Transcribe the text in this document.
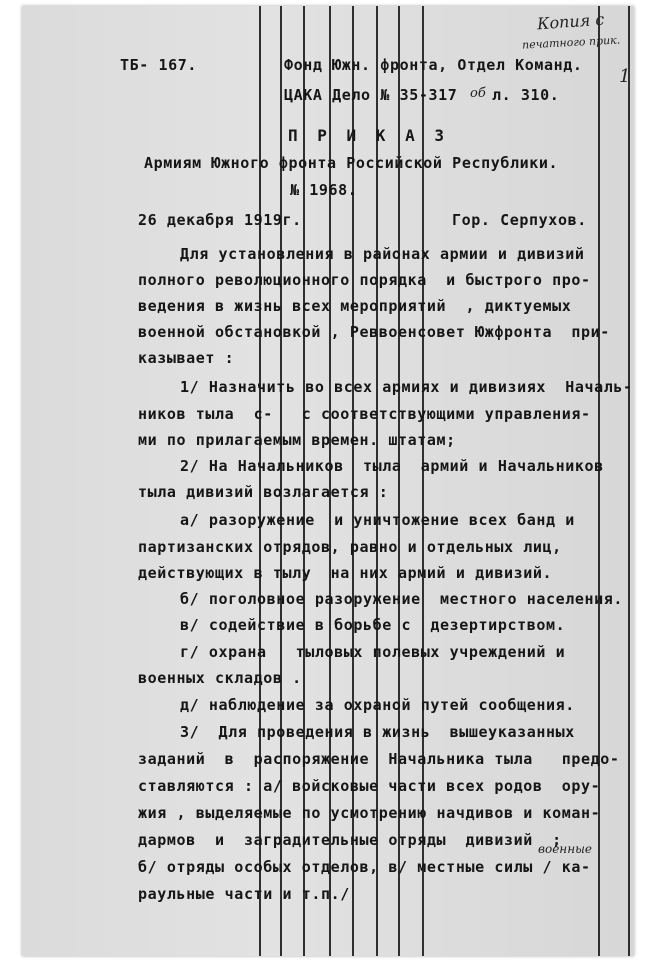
Копия с
печатного прик.
1
ТБ- 167.	Фонд Южн. фронта, Отдел Команд.
ЦАКА Дело № 35-317 об л. 310.
П Р И К А З
Армиям Южного фронта Российской Республики.
№ 1968.
26 декабря 1919г.	Гор. Серпухов.
Для установления в районах армии и дивизий
полного революционного порядка  и быстрого про-
ведения в жизнь всех мероприятий  , диктуемых
военной обстановкой , Реввоенсовет Южфронта  при-
казывает :
1/ Назначить во всех армиях и дивизиях  Началь-
ников тыла  с-   с соответствующими управления-
ми по прилагаемым времен. штатам;
2/ На Начальников  тыла  армий и Начальников
тыла дивизий возлагается :
а/ разоружение  и уничтожение всех банд и
партизанских отрядов, равно и отдельных лиц,
действующих в тылу  на них армий и дивизий.
б/ поголовное разоружение  местного населения.
в/ содействие в борьбе с  дезертирством.
г/ охрана   тыловых полевых учреждений и
военных складов .
д/ наблюдение за охраной путей сообщения.
3/  Для проведения в жизнь  вышеуказанных
заданий  в  распоряжение  Начальника тыла   предо-
ставляются : а/ войсковые части всех родов  ору-
жия , выделяемые по усмотрению начдивов и коман-
дармов  и  заградительные отряды  дивизий  ;
военные
б/ отряды особых отделов, в/ местные силы / ка-
раульные части и т.п./
